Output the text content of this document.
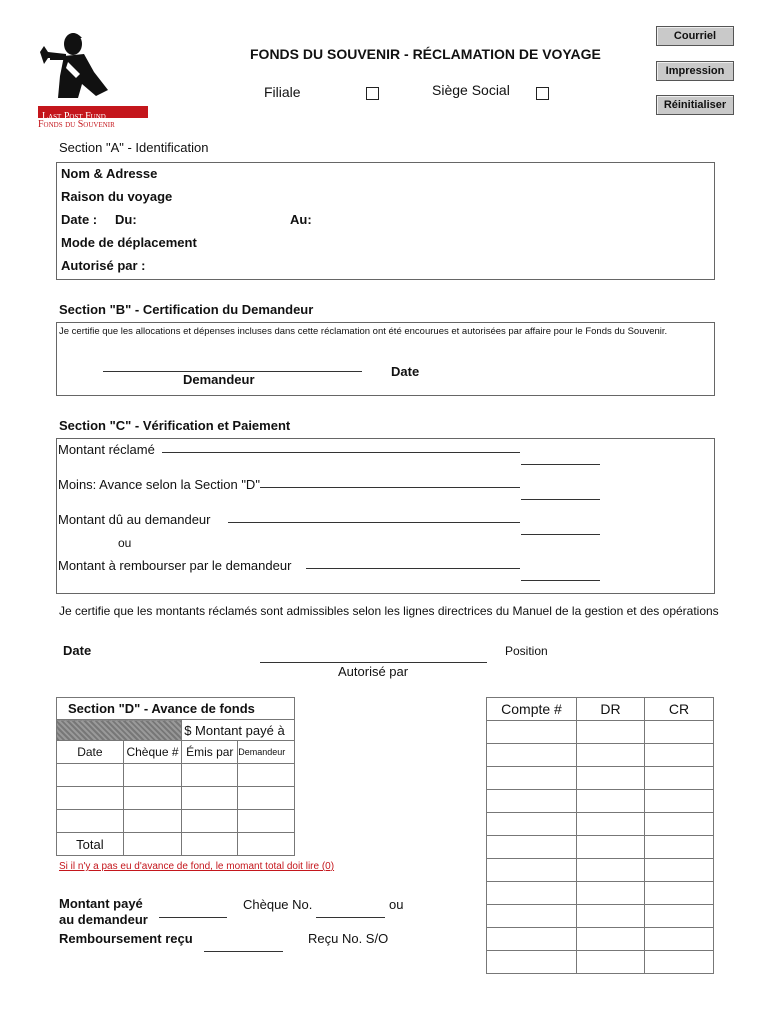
Courriel
Impression
Réinitialiser
Last Post Fund
Fonds du Souvenir
FONDS DU SOUVENIR - RÉCLAMATION DE VOYAGE
Filiale	Siège Social
Section "A" - Identification
Nom & Adresse
Raison du voyage
Date : Du:	Au:
Mode de déplacement
Autorisé par :
Section "B" - Certification du Demandeur
Je certifie que les allocations et dépenses incluses dans cette réclamation ont été encourues et autorisées par affaire pour le Fonds du Souvenir.
Demandeur
Date
Section "C" - Vérification et Paiement
Montant réclamé
Moins: Avance selon la Section "D"
Montant dû au demandeur
ou
Montant à rembourser par le demandeur
Je certifie que les montants réclamés sont admissibles selon les lignes directrices du Manuel de la gestion et des opérations
Date	Position
Autorisé par
Section "D" - Avance de fonds			
		$ Montant payé à	
Date	Chèque #	Émis par	Demandeur

Total			
Si il n'y a pas eu d'avance de fond, le momant total doit lire (0)
Compte #	DR	CR

Montant payé
au demandeur
Chèque No.	ou
Remboursement reçu	Reçu No. S/O
